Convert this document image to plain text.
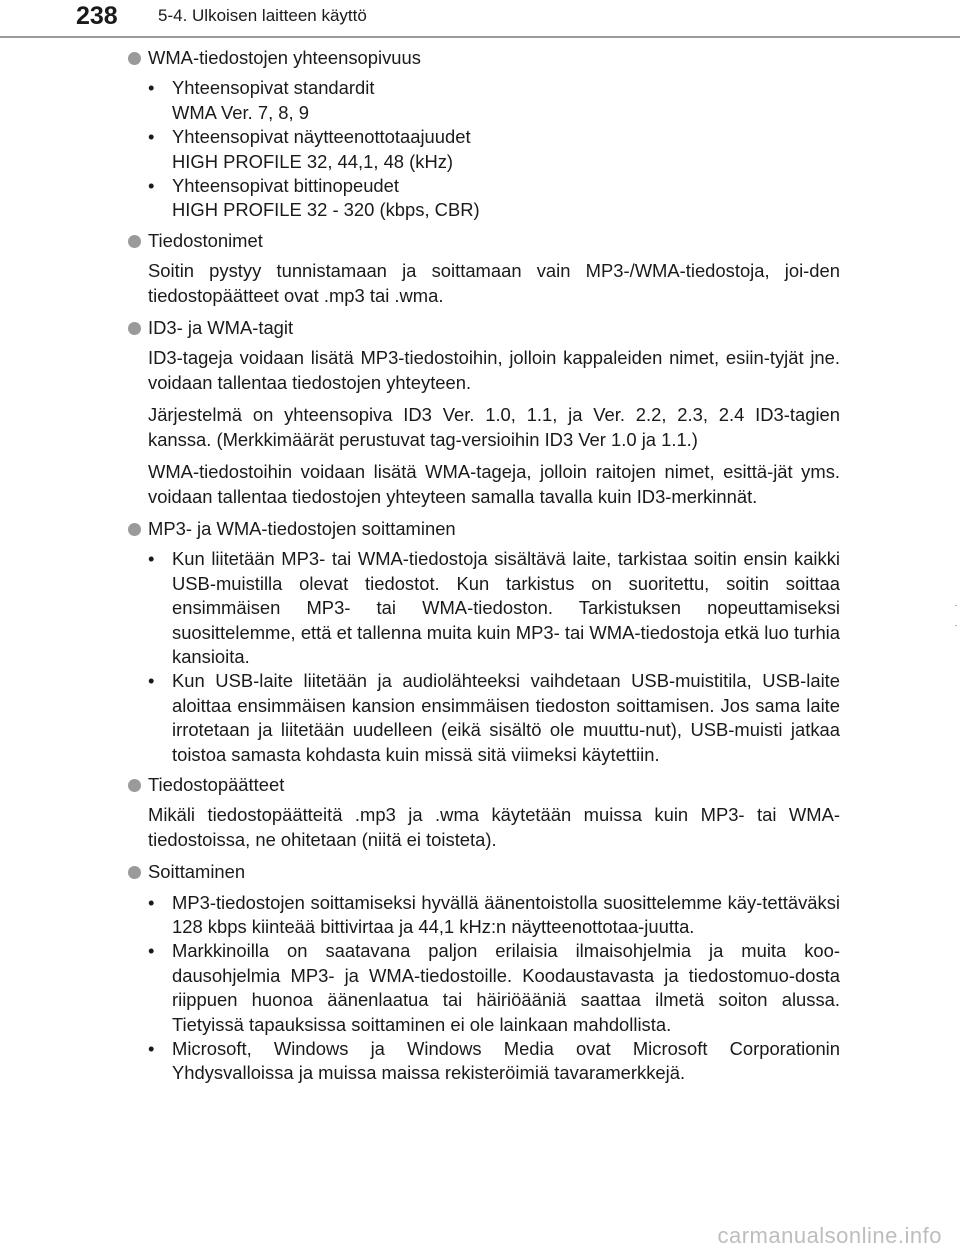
238 5-4. Ulkoisen laitteen käyttö
WMA-tiedostojen yhteensopivuus
• Yhteensopivat standardit
WMA Ver. 7, 8, 9
• Yhteensopivat näytteenottotaajuudet
HIGH PROFILE 32, 44,1, 48 (kHz)
• Yhteensopivat bittinopeudet
HIGH PROFILE 32 - 320 (kbps, CBR)
Tiedostonimet

Soitin pystyy tunnistamaan ja soittamaan vain MP3-/WMA-tiedostoja, joi-den tiedostopäätteet ovat .mp3 tai .wma.

ID3- ja WMA-tagit

ID3-tageja voidaan lisätä MP3-tiedostoihin, jolloin kappaleiden nimet, esiin-tyjät jne. voidaan tallentaa tiedostojen yhteyteen.

Järjestelmä on yhteensopiva ID3 Ver. 1.0, 1.1, ja Ver. 2.2, 2.3, 2.4 ID3-tagien kanssa. (Merkkimäärät perustuvat tag-versioihin ID3 Ver 1.0 ja 1.1.)

WMA-tiedostoihin voidaan lisätä WMA-tageja, jolloin raitojen nimet, esittä-jät yms. voidaan tallentaa tiedostojen yhteyteen samalla tavalla kuin ID3-merkinnät.

MP3- ja WMA-tiedostojen soittaminen
• Kun liitetään MP3- tai WMA-tiedostoja sisältävä laite, tarkistaa soitin ensin kaikki USB-muistilla olevat tiedostot. Kun tarkistus on suoritettu, soitin soittaa ensimmäisen MP3- tai WMA-tiedoston. Tarkistuksen nopeuttamiseksi suosittelemme, että et tallenna muita kuin MP3- tai WMA-tiedostoja etkä luo turhia kansioita.
• Kun USB-laite liitetään ja audiolähteeksi vaihdetaan USB-muistitila, USB-laite aloittaa ensimmäisen kansion ensimmäisen tiedoston soittamisen. Jos sama laite irrotetaan ja liitetään uudelleen (eikä sisältö ole muuttu-nut), USB-muisti jatkaa toistoa samasta kohdasta kuin missä sitä viimeksi käytettiin.
Tiedostopäätteet

Mikäli tiedostopäätteitä .mp3 ja .wma käytetään muissa kuin MP3- tai WMA-tiedostoissa, ne ohitetaan (niitä ei toisteta).

Soittaminen
• MP3-tiedostojen soittamiseksi hyvällä äänentoistolla suosittelemme käy-tettäväksi 128 kbps kiinteää bittivirtaa ja 44,1 kHz:n näytteenottotaa-juutta.
• Markkinoilla on saatavana paljon erilaisia ilmaisohjelmia ja muita koo-dausohjelmia MP3- ja WMA-tiedostoille. Koodaustavasta ja tiedostomuo-dosta riippuen huonoa äänenlaatua tai häiriöääniä saattaa ilmetä soiton alussa. Tietyissä tapauksissa soittaminen ei ole lainkaan mahdollista.
• Microsoft, Windows ja Windows Media ovat Microsoft Corporationin Yhdysvalloissa ja muissa maissa rekisteröimiä tavaramerkkejä.
carmanualsonline.info
